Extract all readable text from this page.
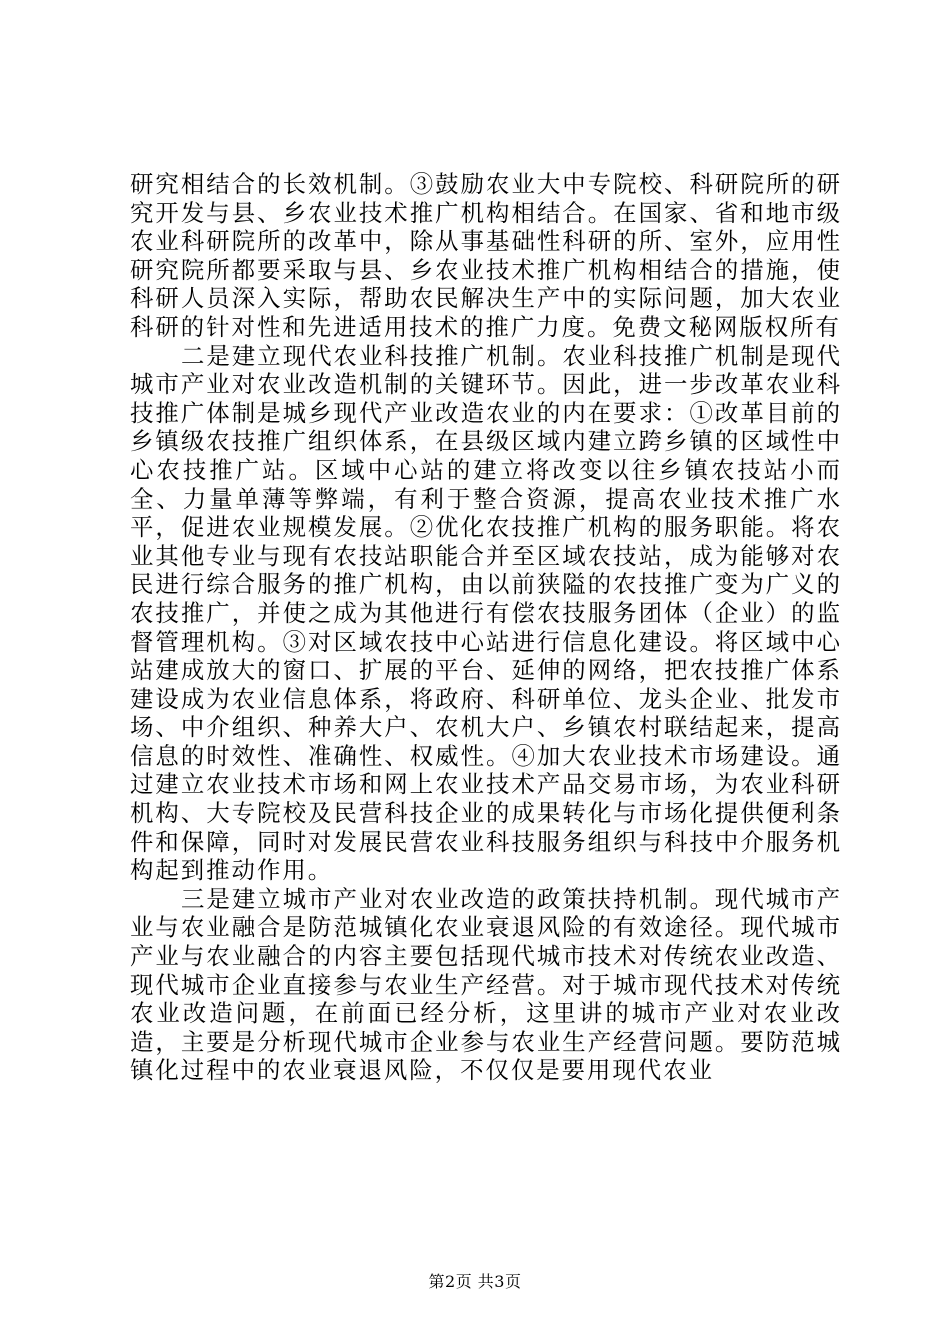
研究相结合的长效机制。③鼓励农业大中专院校、科研院所的研究开发与县、乡农业技术推广机构相结合。在国家、省和地市级农业科研院所的改革中，除从事基础性科研的所、室外，应用性研究院所都要采取与县、乡农业技术推广机构相结合的措施，使科研人员深入实际，帮助农民解决生产中的实际问题，加大农业科研的针对性和先进适用技术的推广力度。免费文秘网版权所有

二是建立现代农业科技推广机制。农业科技推广机制是现代城市产业对农业改造机制的关键环节。因此，进一步改革农业科技推广体制是城乡现代产业改造农业的内在要求：①改革目前的乡镇级农技推广组织体系，在县级区域内建立跨乡镇的区域性中心农技推广站。区域中心站的建立将改变以往乡镇农技站小而全、力量单薄等弊端，有利于整合资源，提高农业技术推广水平，促进农业规模发展。②优化农技推广机构的服务职能。将农业其他专业与现有农技站职能合并至区域农技站，成为能够对农民进行综合服务的推广机构，由以前狭隘的农技推广变为广义的农技推广，并使之成为其他进行有偿农技服务团体（企业）的监督管理机构。③对区域农技中心站进行信息化建设。将区域中心站建成放大的窗口、扩展的平台、延伸的网络，把农技推广体系建设成为农业信息体系，将政府、科研单位、龙头企业、批发市场、中介组织、种养大户、农机大户、乡镇农村联结起来，提高信息的时效性、准确性、权威性。④加大农业技术市场建设。通过建立农业技术市场和网上农业技术产品交易市场，为农业科研机构、大专院校及民营科技企业的成果转化与市场化提供便利条件和保障，同时对发展民营农业科技服务组织与科技中介服务机构起到推动作用。

三是建立城市产业对农业改造的政策扶持机制。现代城市产业与农业融合是防范城镇化农业衰退风险的有效途径。现代城市产业与农业融合的内容主要包括现代城市技术对传统农业改造、现代城市企业直接参与农业生产经营。对于城市现代技术对传统农业改造问题，在前面已经分析，这里讲的城市产业对农业改造，主要是分析现代城市企业参与农业生产经营问题。要防范城镇化过程中的农业衰退风险，不仅仅是要用现代农业

第2页 共3页
